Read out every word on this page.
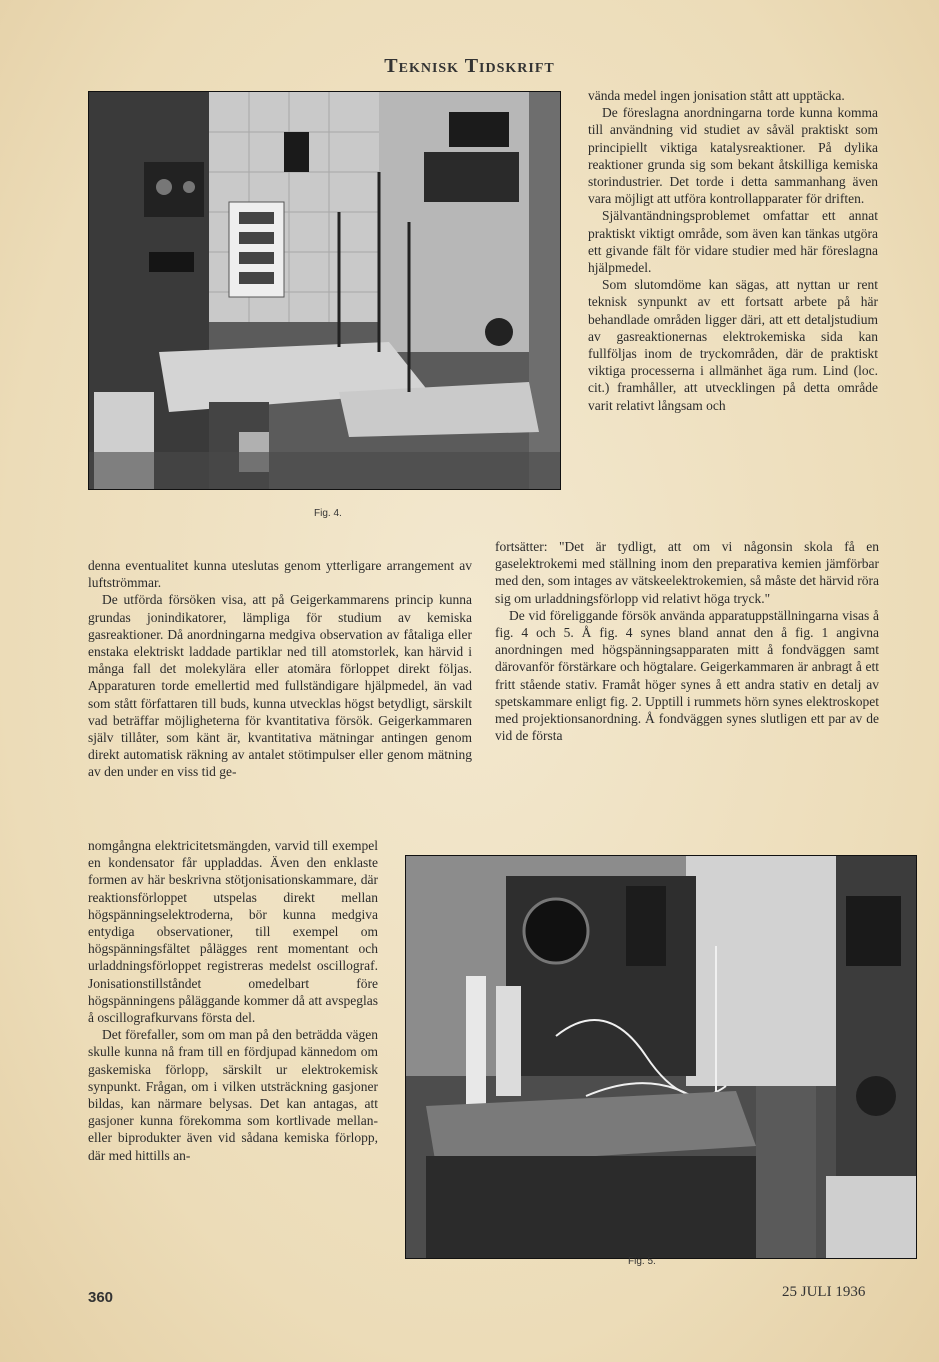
Teknisk Tidskrift
Fig. 4.

vända medel ingen jonisation stått att upptäcka.

De föreslagna anordningarna torde kunna komma till användning vid studiet av såväl praktiskt som principiellt viktiga katalysreaktioner. På dylika reaktioner grunda sig som bekant åtskilliga kemiska storindustrier. Det torde i detta sammanhang även vara möjligt att utföra kontrollapparater för driften.

Självantändningsproblemet omfattar ett annat praktiskt viktigt område, som även kan tänkas utgöra ett givande fält för vidare studier med här föreslagna hjälpmedel.

Som slutomdöme kan sägas, att nyttan ur rent teknisk synpunkt av ett fortsatt arbete på här behandlade områden ligger däri, att ett detaljstudium av gasreaktionernas elektrokemiska sida kan fullföljas inom de tryckområden, där de praktiskt viktiga processerna i allmänhet äga rum. Lind (loc. cit.) framhåller, att utvecklingen på detta område varit relativt långsam och

denna eventualitet kunna uteslutas genom ytterligare arrangement av luftströmmar.

De utförda försöken visa, att på Geigerkammarens princip kunna grundas jonindikatorer, lämpliga för studium av kemiska gasreaktioner. Då anordningarna medgiva observation av fåtaliga eller enstaka elektriskt laddade partiklar ned till atomstorlek, kan härvid i många fall det molekylära eller atomära förloppet direkt följas. Apparaturen torde emellertid med fullständigare hjälpmedel, än vad som stått författaren till buds, kunna utvecklas högst betydligt, särskilt vad beträffar möjligheterna för kvantitativa försök. Geigerkammaren själv tillåter, som känt är, kvantitativa mätningar antingen genom direkt automatisk räkning av antalet stötimpulser eller genom mätning av den under en viss tid ge-

fortsätter: "Det är tydligt, att om vi någonsin skola få en gaselektrokemi med ställning inom den preparativa kemien jämförbar med den, som intages av vätskeelektrokemien, så måste det härvid röra sig om urladdningsförlopp vid relativt höga tryck."

De vid föreliggande försök använda apparatuppställningarna visas å fig. 4 och 5. Å fig. 4 synes bland annat den å fig. 1 angivna anordningen med högspänningsapparaten mitt å fondväggen samt därovanför förstärkare och högtalare. Geigerkammaren är anbragt å ett fritt stående stativ. Framåt höger synes å ett andra stativ en detalj av spetskammare enligt fig. 2. Upptill i rummets hörn synes elektroskopet med projektionsanordning. Å fondväggen synes slutligen ett par av de vid de första

nomgångna elektricitetsmängden, varvid till exempel en kondensator får uppladdas. Även den enklaste formen av här beskrivna stötjonisationskammare, där reaktionsförloppet utspelas direkt mellan högspänningselektroderna, bör kunna medgiva entydiga observationer, till exempel om högspänningsfältet pålägges rent momentant och urladdningsförloppet registreras medelst oscillograf. Jonisationstillståndet omedelbart före högspänningens påläggande kommer då att avspeglas å oscillografkurvans första del.

Det förefaller, som om man på den beträdda vägen skulle kunna nå fram till en fördjupad kännedom om gaskemiska förlopp, särskilt ur elektrokemisk synpunkt. Frågan, om i vilken utsträckning gasjoner bildas, kan närmare belysas. Det kan antagas, att gasjoner kunna förekomma som kortlivade mellan- eller biprodukter även vid sådana kemiska förlopp, där med hittills an-

Fig. 5.
360	25 JULI 1936
